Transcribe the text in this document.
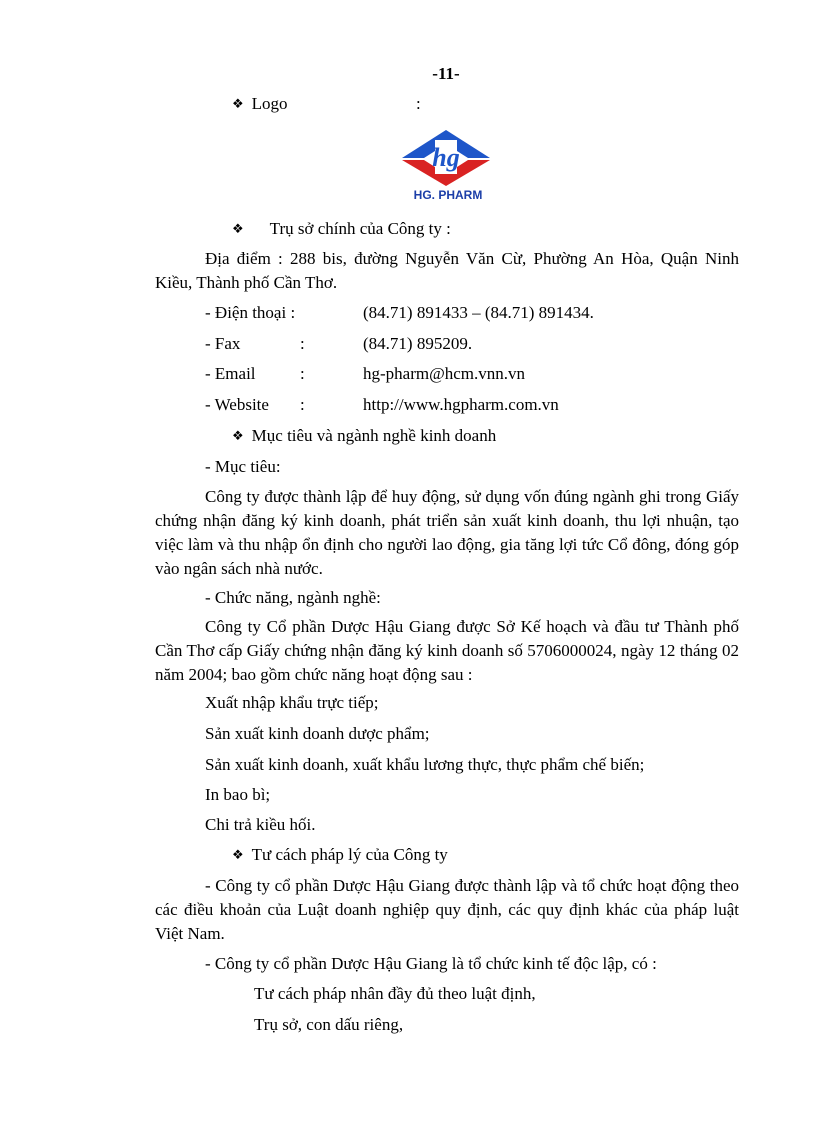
-11-
❖ Logo	:
hg
HG. PHARM
❖ Trụ sở chính của Công ty :
Địa điểm : 288 bis, đường Nguyễn Văn Cừ, Phường An Hòa, Quận Ninh Kiều, Thành phố Cần Thơ.
- Điện thoại :	(84.71) 891433 – (84.71) 891434.
- Fax	:	(84.71) 895209.
- Email	:	hg-pharm@hcm.vnn.vn
- Website :	http://www.hgpharm.com.vn
❖ Mục tiêu và ngành nghề kinh doanh
- Mục tiêu:
Công ty được thành lập để huy động, sử dụng vốn đúng ngành ghi trong Giấy chứng nhận đăng ký kinh doanh, phát triển sản xuất kinh doanh, thu lợi nhuận, tạo việc làm và thu nhập ổn định cho người lao động, gia tăng lợi tức Cổ đông, đóng góp vào ngân sách nhà nước.
- Chức năng, ngành nghề:
Công ty Cổ phần Dược Hậu Giang được Sở Kế hoạch và đầu tư Thành phố Cần Thơ cấp Giấy chứng nhận đăng ký kinh doanh số 5706000024, ngày 12 tháng 02 năm 2004; bao gồm chức năng hoạt động sau :
Xuất nhập khẩu trực tiếp;
Sản xuất kinh doanh dược phẩm;
Sản xuất kinh doanh, xuất khẩu lương thực, thực phẩm chế biến;
In bao bì;
Chi trả kiều hối.
❖ Tư cách pháp lý của Công ty
- Công ty cổ phần Dược Hậu Giang được thành lập và tổ chức hoạt động theo các điều khoản của Luật doanh nghiệp quy định, các quy định khác của pháp luật Việt Nam.
- Công ty cổ phần Dược Hậu Giang là tổ chức kinh tế độc lập, có :
Tư cách pháp nhân đầy đủ theo luật định,
Trụ sở, con dấu riêng,
